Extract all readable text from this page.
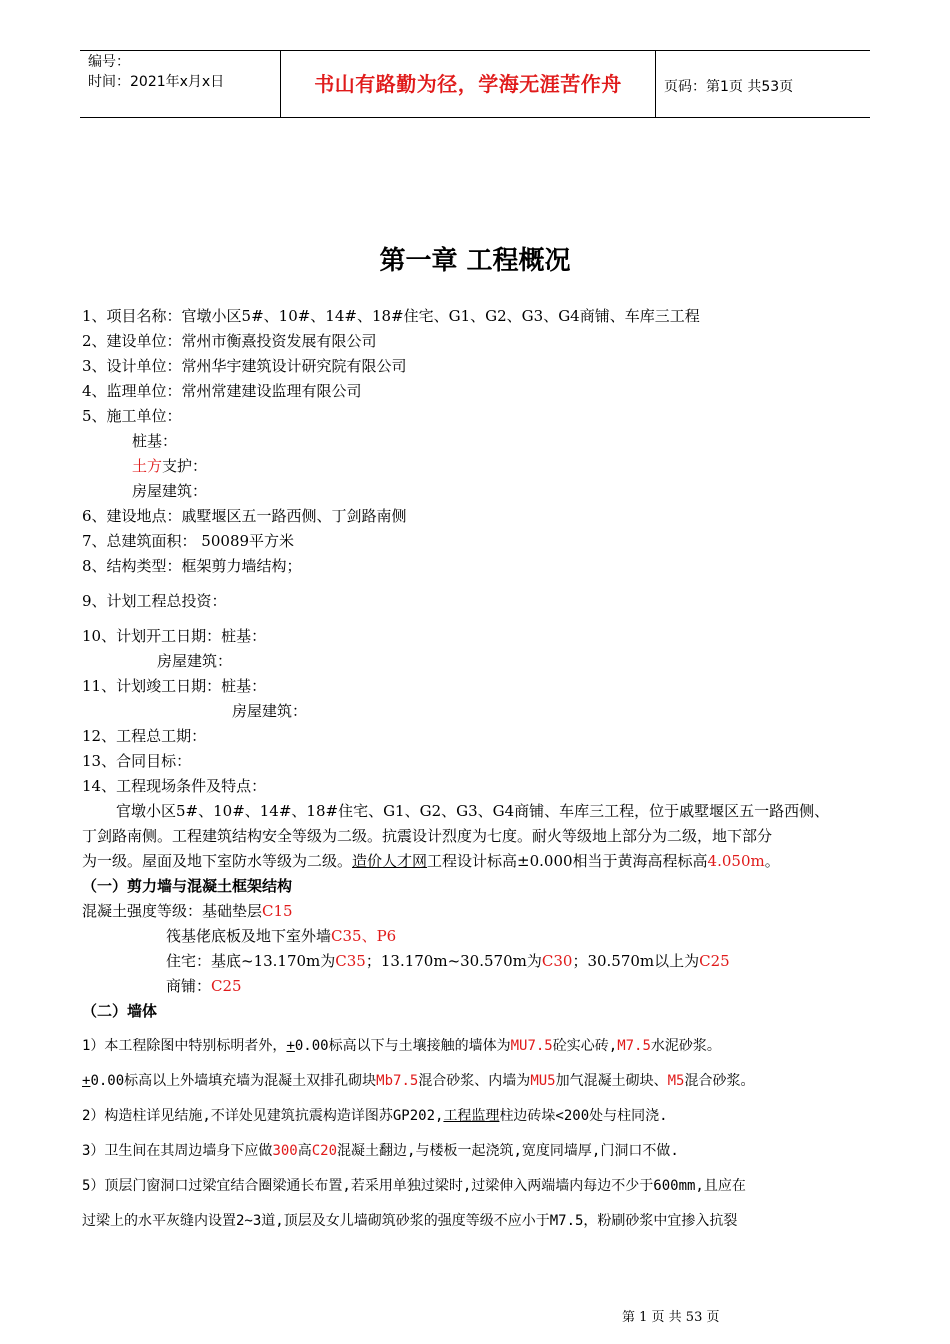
编号：
时间：2021年x月x日	书山有路勤为径，学海无涯苦作舟	页码：第1页 共53页
第一章 工程概况
1、项目名称：官墩小区5#、10#、14#、18#住宅、G1、G2、G3、G4商铺、车库三工程
2、建设单位：常州市衡熹投资发展有限公司
3、设计单位：常州华宇建筑设计研究院有限公司
4、监理单位：常州常建建设监理有限公司
5、施工单位：
桩基：
土方支护：
房屋建筑：
6、建设地点：戚墅堰区五一路西侧、丁剑路南侧
7、总建筑面积： 50089平方米
8、结构类型：框架剪力墙结构；
9、计划工程总投资：
10、计划开工日期：桩基：
房屋建筑：
11、计划竣工日期：桩基：
房屋建筑：
12、工程总工期：
13、合同目标：
14、工程现场条件及特点：
官墩小区5#、10#、14#、18#住宅、G1、G2、G3、G4商铺、车库三工程，位于戚墅堰区五一路西侧、
丁剑路南侧。工程建筑结构安全等级为二级。抗震设计烈度为七度。耐火等级地上部分为二级，地下部分
为一级。屋面及地下室防水等级为二级。造价人才网工程设计标高±0.000相当于黄海高程标高4.050m。
（一）剪力墙与混凝土框架结构
混凝土强度等级：基础垫层C15
筏基佬底板及地下室外墙C35、P6
住宅：基底~13.170m为C35；13.170m~30.570m为C30；30.570m以上为C25
商铺：C25
（二）墙体
1）本工程除图中特别标明者外，+0.00标高以下与土壤接触的墙体为MU7.5砼实心砖,M7.5水泥砂浆。
+0.00标高以上外墙填充墙为混凝土双排孔砌块Mb7.5混合砂浆、内墙为MU5加气混凝土砌块、M5混合砂浆。
2）构造柱详见结施,不详处见建筑抗震构造详图苏GP202,工程监理柱边砖垛<200处与柱同浇.
3）卫生间在其周边墙身下应做300高C20混凝土翻边,与楼板一起浇筑,宽度同墙厚,门洞口不做.
5）顶层门窗洞口过梁宜结合圈梁通长布置,若采用单独过梁时,过梁伸入两端墙内每边不少于600mm,且应在
过梁上的水平灰缝内设置2~3道,顶层及女儿墙砌筑砂浆的强度等级不应小于M7.5，粉刷砂浆中宜掺入抗裂
第 1 页 共 53 页
